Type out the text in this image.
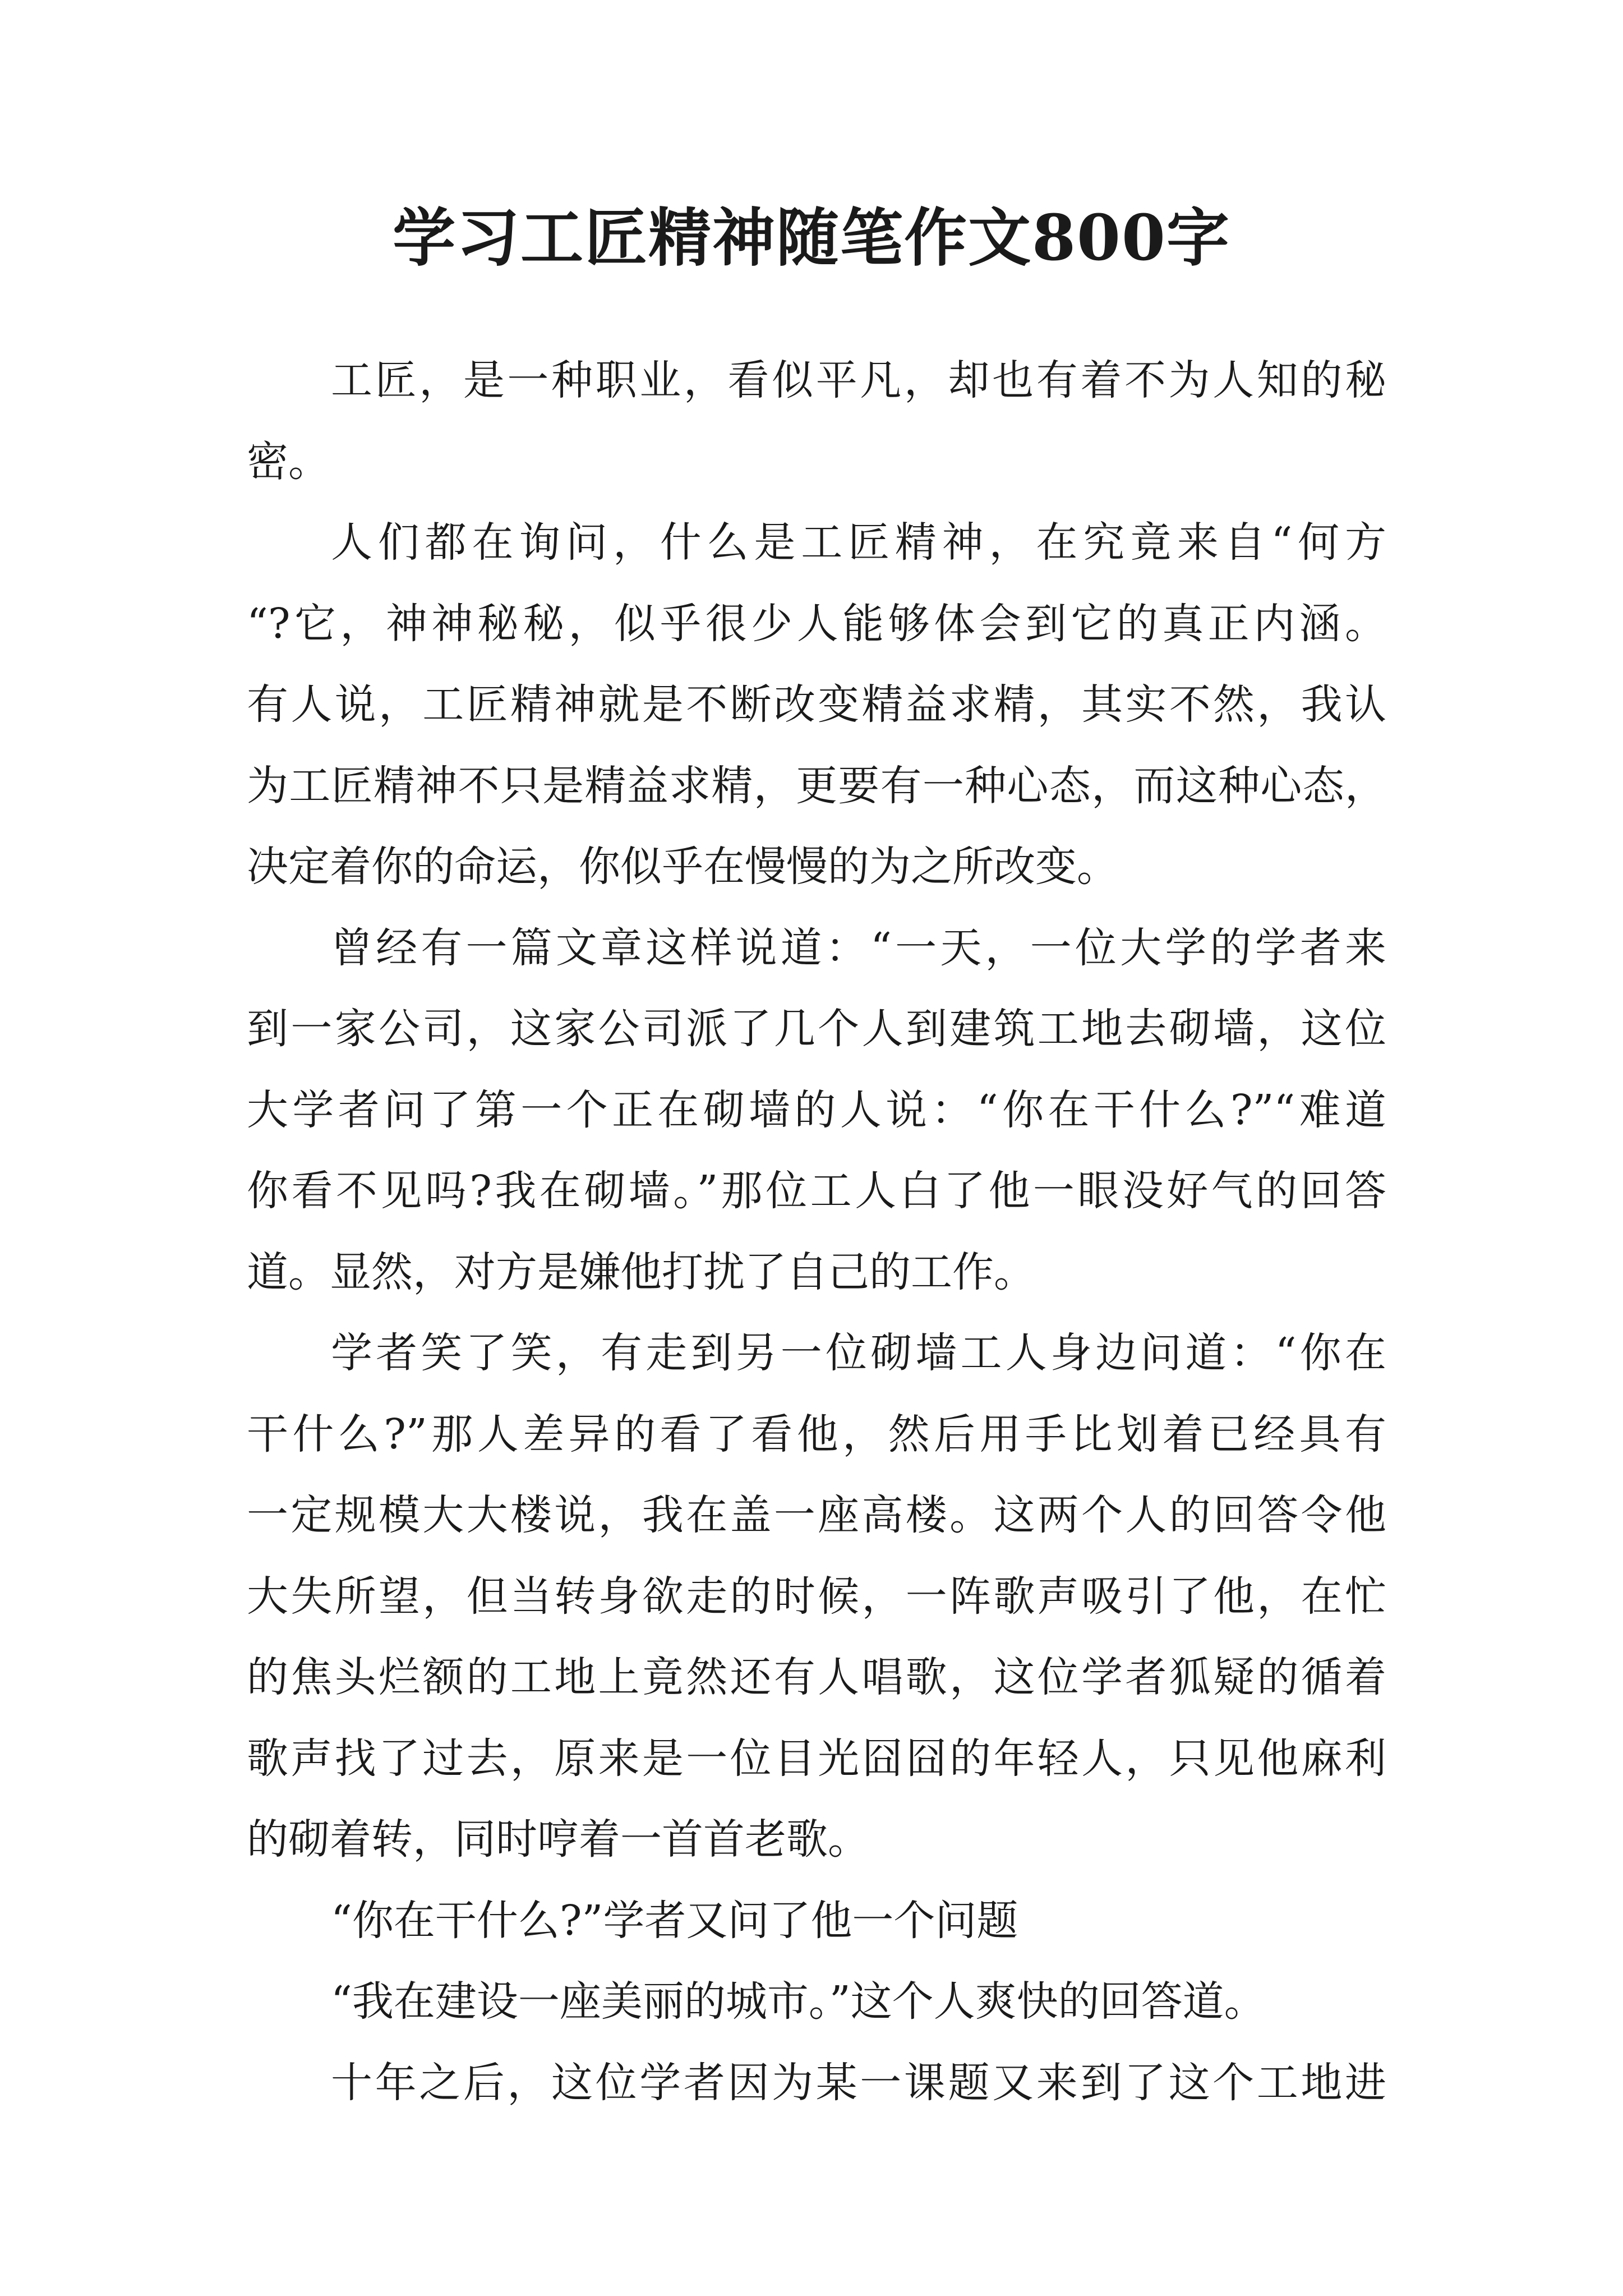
学习工匠精神随笔作文800字
工匠，是一种职业，看似平凡，却也有着不为人知的秘
密。
人们都在询问，什么是工匠精神，在究竟来自“何方
“?它，神神秘秘，似乎很少人能够体会到它的真正内涵。
有人说，工匠精神就是不断改变精益求精，其实不然，我认
为工匠精神不只是精益求精，更要有一种心态，而这种心态，
决定着你的命运，你似乎在慢慢的为之所改变。
曾经有一篇文章这样说道：“一天，一位大学的学者来
到一家公司，这家公司派了几个人到建筑工地去砌墙，这位
大学者问了第一个正在砌墙的人说：“你在干什么?”“难道
你看不见吗?我在砌墙。”那位工人白了他一眼没好气的回答
道。显然，对方是嫌他打扰了自己的工作。
学者笑了笑，有走到另一位砌墙工人身边问道：“你在
干什么?”那人差异的看了看他，然后用手比划着已经具有
一定规模大大楼说，我在盖一座高楼。这两个人的回答令他
大失所望，但当转身欲走的时候，一阵歌声吸引了他，在忙
的焦头烂额的工地上竟然还有人唱歌，这位学者狐疑的循着
歌声找了过去，原来是一位目光囧囧的年轻人，只见他麻利
的砌着转，同时哼着一首首老歌。
“你在干什么?”学者又问了他一个问题
“我在建设一座美丽的城市。”这个人爽快的回答道。
十年之后，这位学者因为某一课题又来到了这个工地进
